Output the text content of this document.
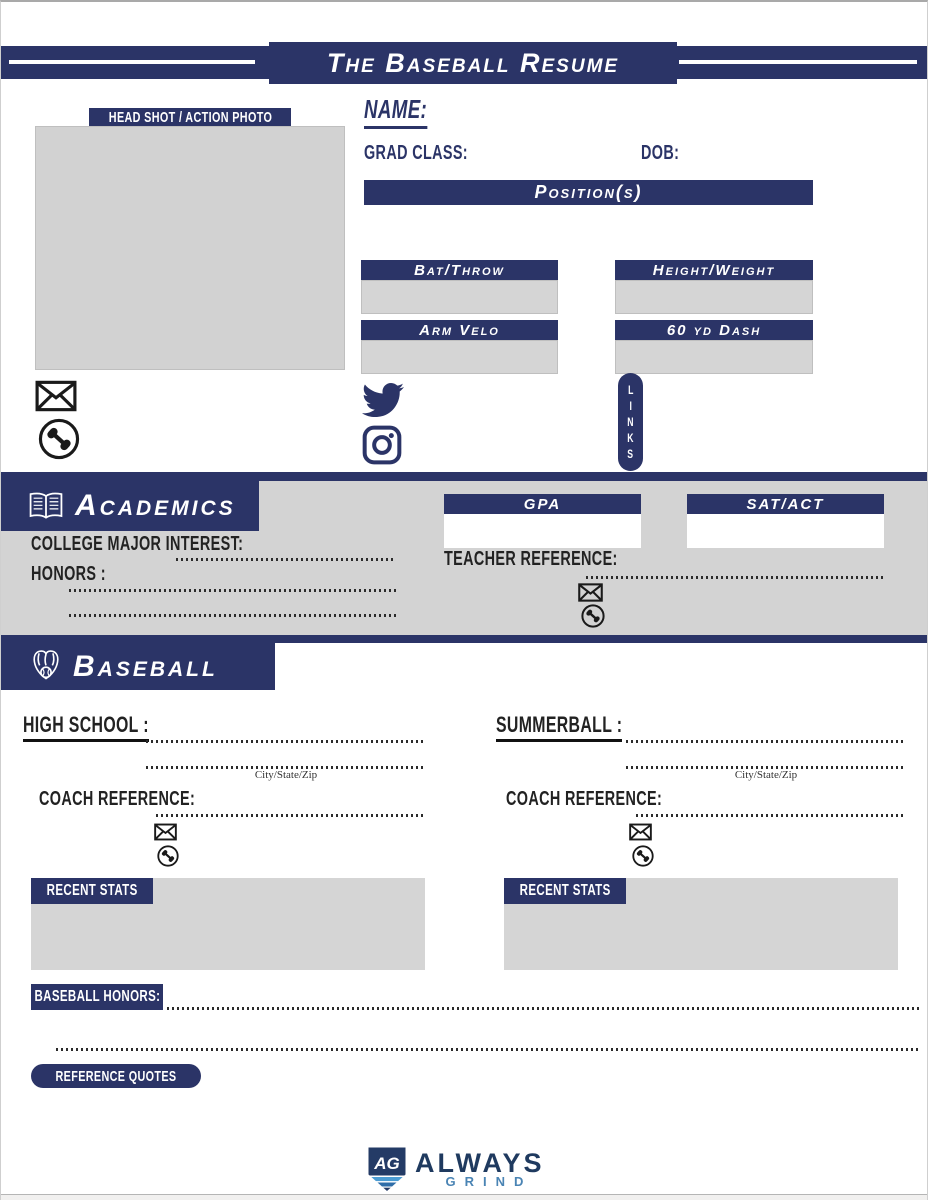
The Baseball Resume
HEAD SHOT / ACTION PHOTO	NAME:
GRAD CLASS:	DOB:
Position(s)
Bat/Throw	Height/Weight
Arm Velo	60 yd Dash
L
I
N
K
S
Academics	GPA	SAT/ACT
COLLEGE MAJOR INTEREST:
HONORS :
TEACHER REFERENCE:
Baseball
HIGH SCHOOL :
City/State/Zip
COACH REFERENCE:
RECENT STATS
SUMMERBALL :
City/State/Zip
COACH REFERENCE:
RECENT STATS
BASEBALL HONORS:
REFERENCE QUOTES
AG ALWAYS
GRIND
